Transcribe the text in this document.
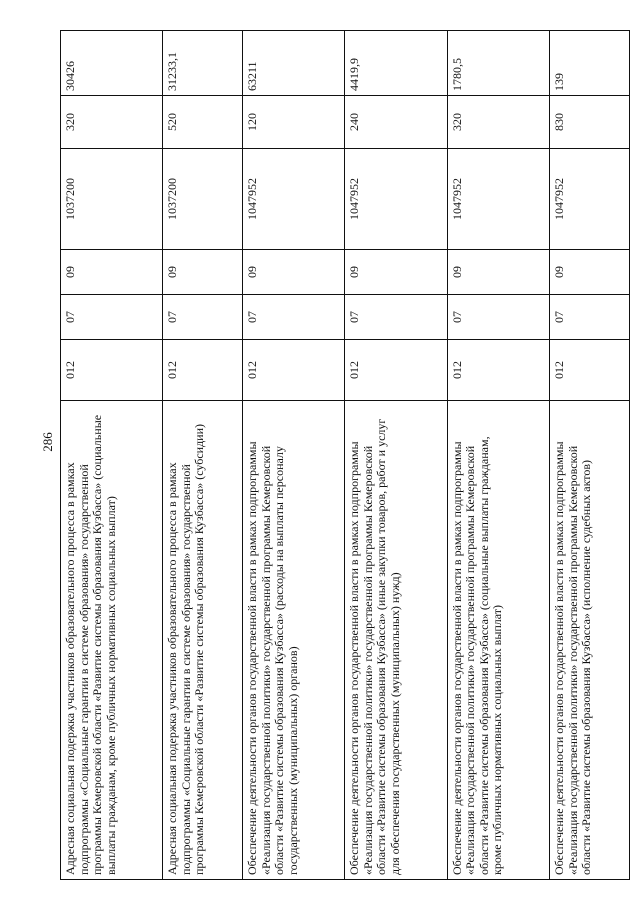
286
Адресная социальная подержка участников образовательного процесса в рамках подпрограммы «Социальные гарантии в системе образования» государственной программы Кемеровской области «Развитие системы образования Кузбасса» (социальные выплаты гражданам, кроме публичных нормативных социальных выплат)	012	07	09	1037200	320	30426
Адресная социальная подержка участников образовательного процесса в рамках подпрограммы «Социальные гарантии в системе образования» государственной программы Кемеровской области «Развитие системы образования Кузбасса» (субсидии)	012	07	09	1037200	520	31233,1
Обеспечение деятельности органов государственной власти в рамках подпрограммы «Реализация государственной политики» государственной программы Кемеровской области «Развитие системы образования Кузбасса» (расходы на выплаты персоналу государственных (муниципальных) органов)	012	07	09	1047952	120	63211
Обеспечение деятельности органов государственной власти в рамках подпрограммы «Реализация государственной политики» государственной программы Кемеровской области «Развитие системы образования Кузбасса» (иные закупки товаров, работ и услуг для обеспечения государственных (муниципальных) нужд)	012	07	09	1047952	240	4419,9
Обеспечение деятельности органов государственной власти в рамках подпрограммы «Реализация государственной политики» государственной программы Кемеровской области «Развитие системы образования Кузбасса» (социальные выплаты гражданам, кроме публичных нормативных социальных выплат)	012	07	09	1047952	320	1780,5
Обеспечение деятельности органов государственной власти в рамках подпрограммы «Реализация государственной политики» государственной программы Кемеровской области «Развитие системы образования Кузбасса» (исполнение судебных актов)	012	07	09	1047952	830	139
